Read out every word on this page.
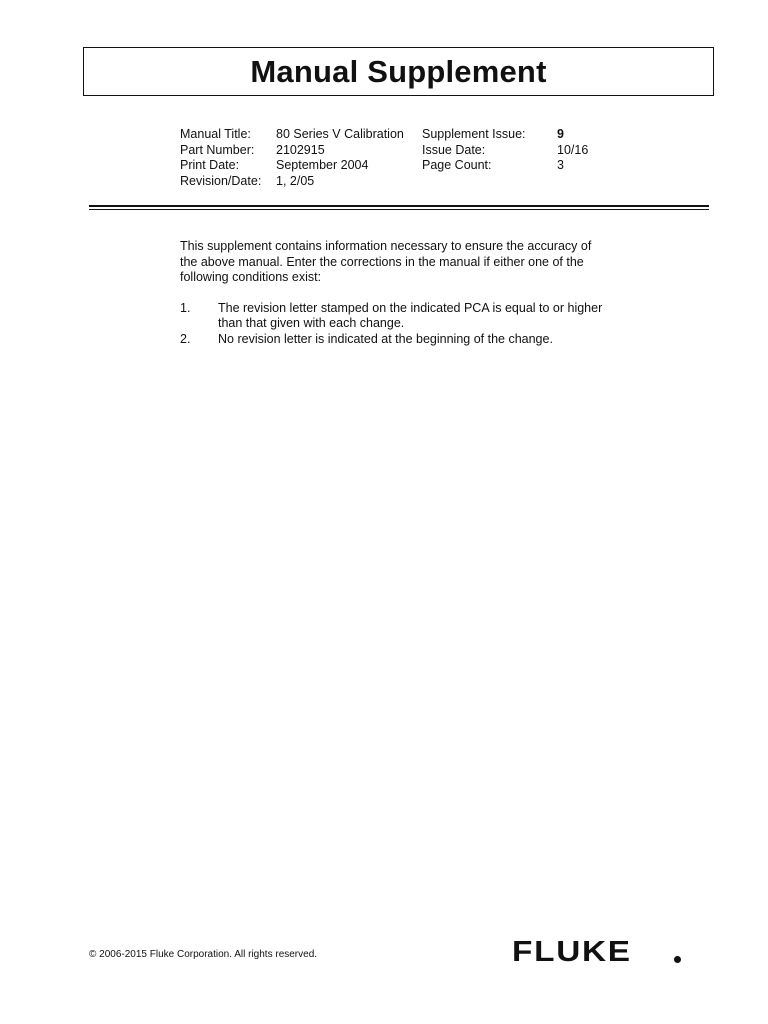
Manual Supplement
Manual Title:	80 Series V Calibration	Supplement Issue:	9
Part Number:	2102915	Issue Date:	10/16
Print Date:	September 2004	Page Count:	3
Revision/Date:	1, 2/05

This supplement contains information necessary to ensure the accuracy of the above manual. Enter the corrections in the manual if either one of the following conditions exist:

1.	The revision letter stamped on the indicated PCA is equal to or higher than that given with each change.
2.	No revision letter is indicated at the beginning of the change.
© 2006-2015 Fluke Corporation. All rights reserved.	FLUKE
